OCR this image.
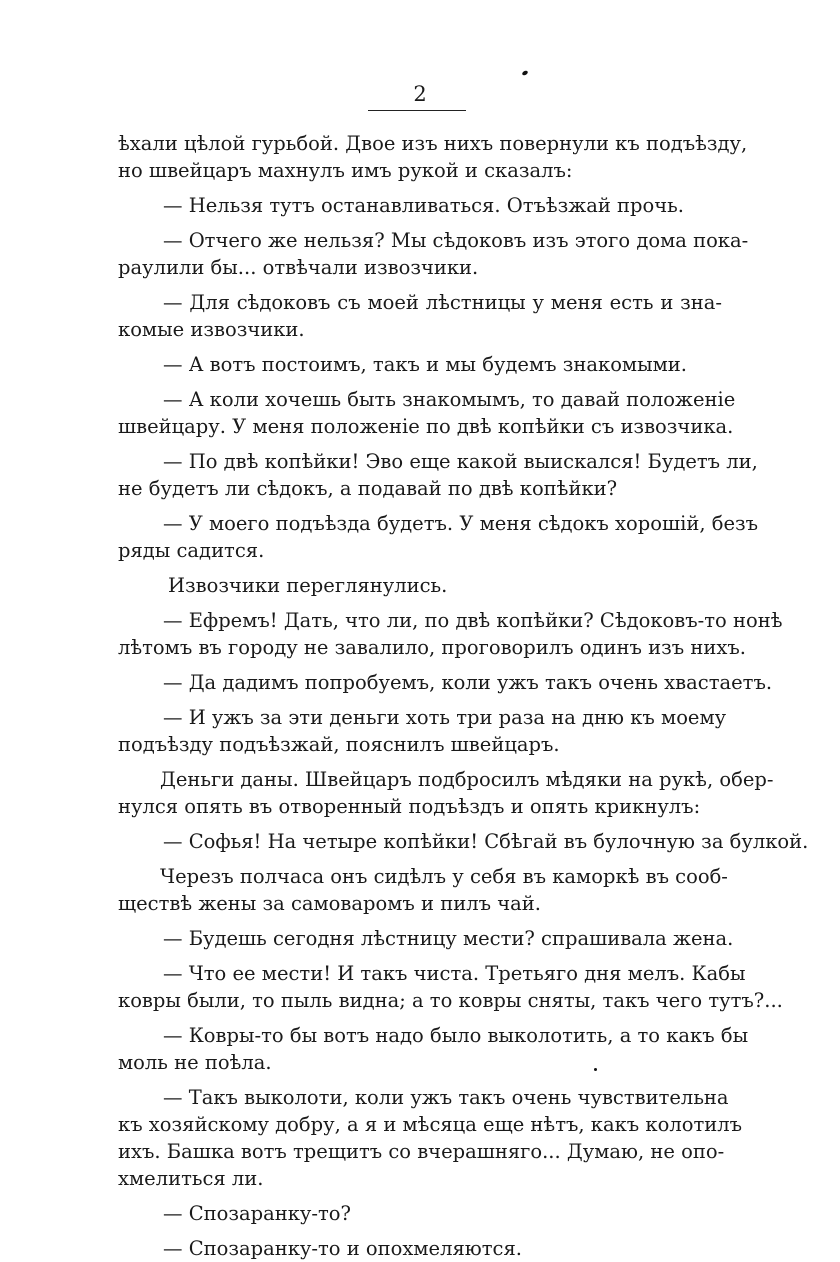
2
ѣхали цѣлой гурьбой. Двое изъ нихъ повернули къ подъѣзду,
но швейцаръ махнулъ имъ рукой и сказалъ:
— Нельзя тутъ останавливаться. Отъѣзжай прочь.
— Отчего же нельзя? Мы сѣдоковъ изъ этого дома пока-
раулили бы... отвѣчали извозчики.
— Для сѣдоковъ съ моей лѣстницы у меня есть и зна-
комые извозчики.
— А вотъ постоимъ, такъ и мы будемъ знакомыми.
— А коли хочешь быть знакомымъ, то давай положеніе
швейцару. У меня положеніе по двѣ копѣйки съ извозчика.
— По двѣ копѣйки! Эво еще какой выискался! Будетъ ли,
не будетъ ли сѣдокъ, а подавай по двѣ копѣйки?
— У моего подъѣзда будетъ. У меня сѣдокъ хорошій, безъ
ряды садится.
Извозчики переглянулись.
— Ефремъ! Дать, что ли, по двѣ копѣйки? Сѣдоковъ-то нонѣ
лѣтомъ въ городу не завалило, проговорилъ одинъ изъ нихъ.
— Да дадимъ попробуемъ, коли ужъ такъ очень хвастаетъ.
— И ужъ за эти деньги хоть три раза на дню къ моему
подъѣзду подъѣзжай, пояснилъ швейцаръ.
Деньги даны. Швейцаръ подбросилъ мѣдяки на рукѣ, обер-
нулся опять въ отворенный подъѣздъ и опять крикнулъ:
— Софья! На четыре копѣйки! Сбѣгай въ булочную за булкой.
Черезъ полчаса онъ сидѣлъ у себя въ каморкѣ въ сооб-
ществѣ жены за самоваромъ и пилъ чай.
— Будешь сегодня лѣстницу мести? спрашивала жена.
— Что ее мести! И такъ чиста. Третьяго дня мелъ. Кабы
ковры были, то пыль видна; а то ковры сняты, такъ чего тутъ?...
— Ковры-то бы вотъ надо было выколотить, а то какъ бы
моль не поѣла.
— Такъ выколоти, коли ужъ такъ очень чувствительна
къ хозяйскому добру, а я и мѣсяца еще нѣтъ, какъ колотилъ
ихъ. Башка вотъ трещитъ со вчерашняго... Думаю, не опо-
хмелиться ли.
— Спозаранку-то?
— Спозаранку-то и опохмеляются.
